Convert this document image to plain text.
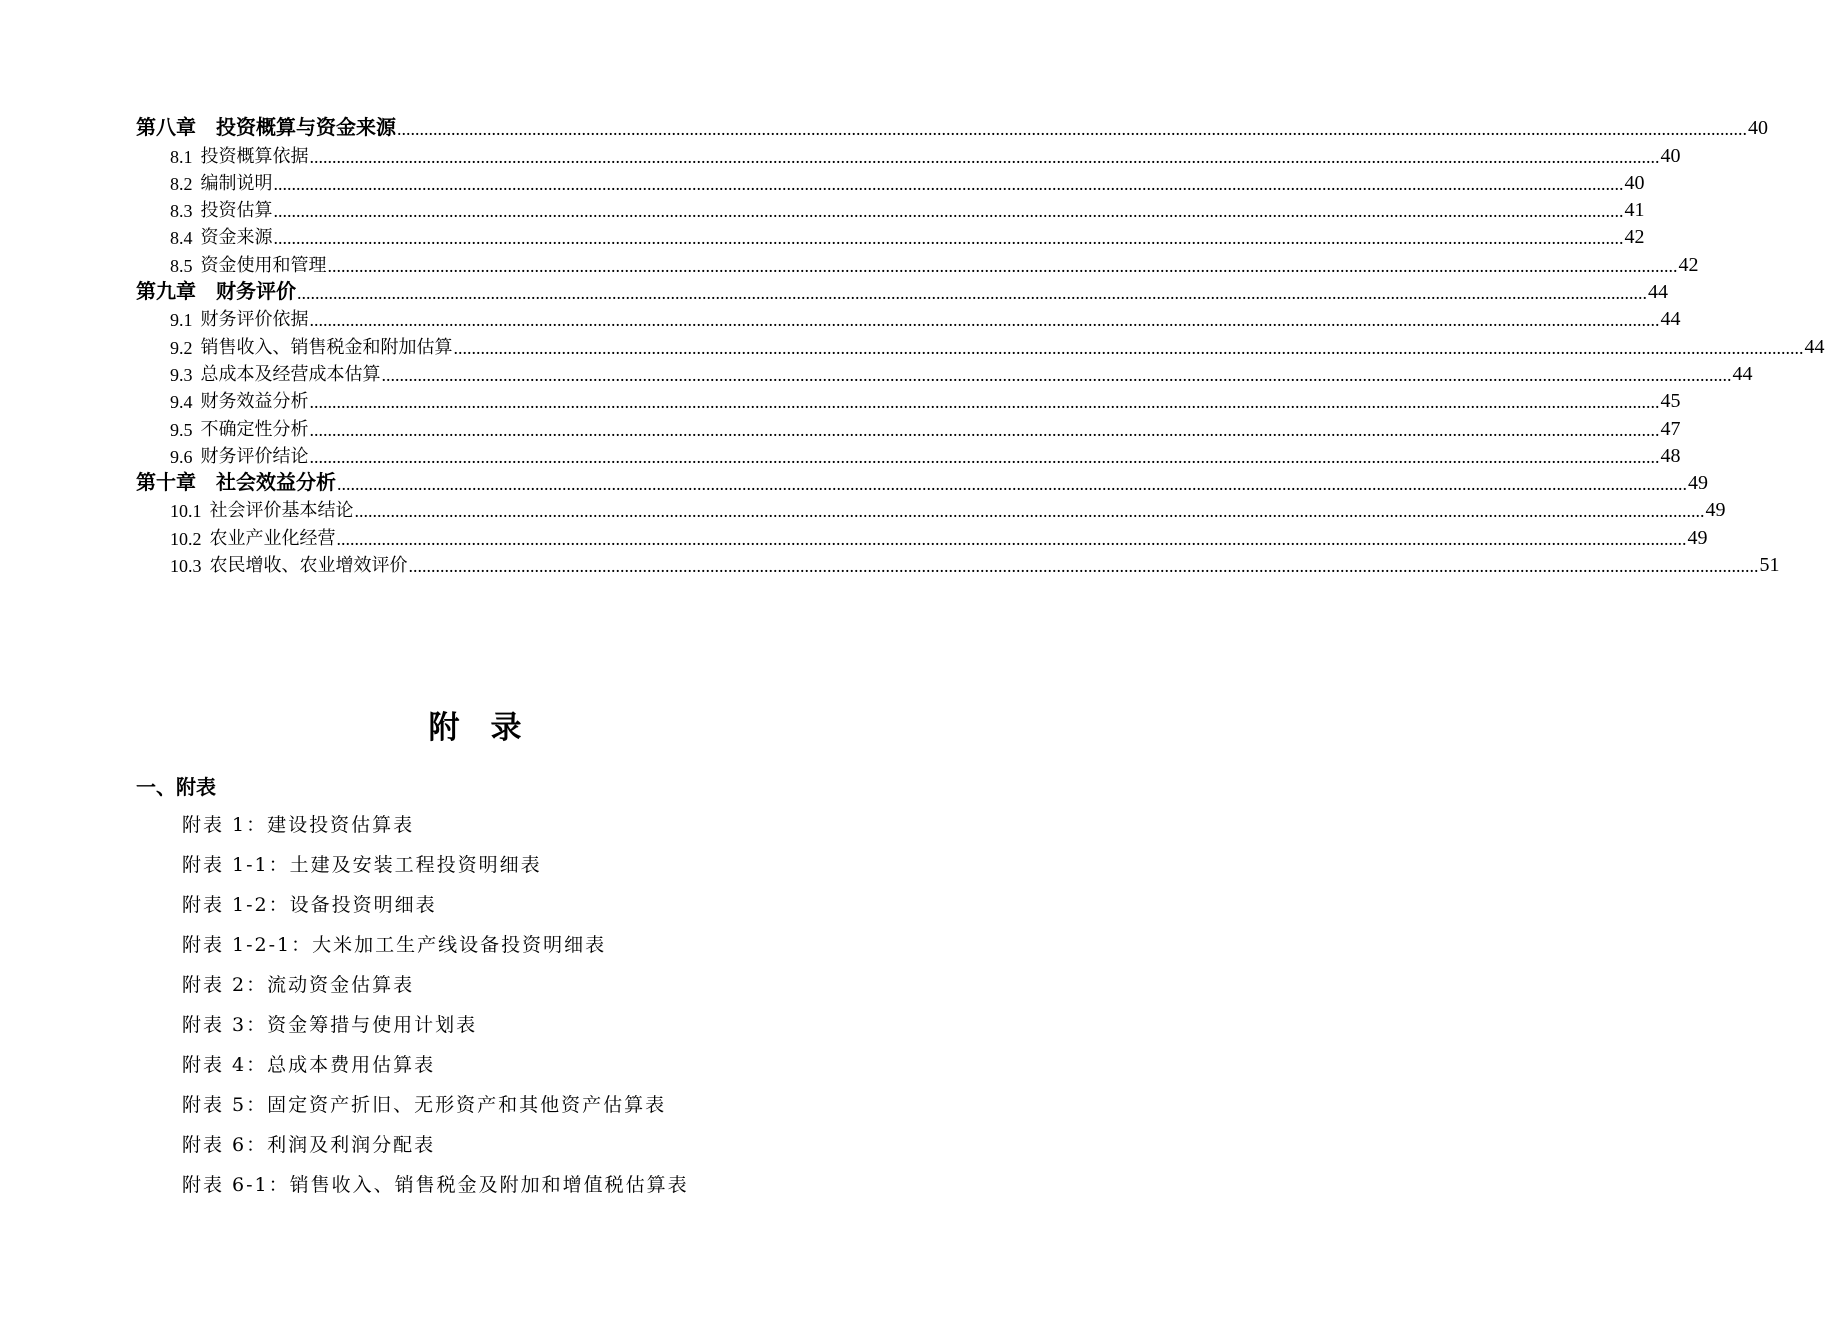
第八章　投资概算与资金来源 ............................................................................................................................................................................................................................................................................................................ 40
8.1 投资概算依据 ............................................................................................................................................................................................................................................................................................................ 40
8.2 编制说明 ............................................................................................................................................................................................................................................................................................................ 40
8.3 投资估算 ............................................................................................................................................................................................................................................................................................................ 41
8.4 资金来源 ............................................................................................................................................................................................................................................................................................................ 42
8.5 资金使用和管理 ............................................................................................................................................................................................................................................................................................................ 42
第九章　财务评价 ............................................................................................................................................................................................................................................................................................................ 44
9.1 财务评价依据 ............................................................................................................................................................................................................................................................................................................ 44
9.2 销售收入、销售税金和附加估算 ............................................................................................................................................................................................................................................................................................................ 44
9.3 总成本及经营成本估算 ............................................................................................................................................................................................................................................................................................................ 44
9.4 财务效益分析 ............................................................................................................................................................................................................................................................................................................ 45
9.5 不确定性分析 ............................................................................................................................................................................................................................................................................................................ 47
9.6 财务评价结论 ............................................................................................................................................................................................................................................................................................................ 48
第十章　社会效益分析 ............................................................................................................................................................................................................................................................................................................ 49
10.1 社会评价基本结论 ............................................................................................................................................................................................................................................................................................................ 49
10.2 农业产业化经营 ............................................................................................................................................................................................................................................................................................................ 49
10.3 农民增收、农业增效评价 ............................................................................................................................................................................................................................................................................................................ 51
附　录
一、附表
附表 1：建设投资估算表
附表 1-1：土建及安装工程投资明细表
附表 1-2：设备投资明细表
附表 1-2-1：大米加工生产线设备投资明细表
附表 2：流动资金估算表
附表 3：资金筹措与使用计划表
附表 4：总成本费用估算表
附表 5：固定资产折旧、无形资产和其他资产估算表
附表 6：利润及利润分配表
附表 6-1：销售收入、销售税金及附加和增值税估算表
